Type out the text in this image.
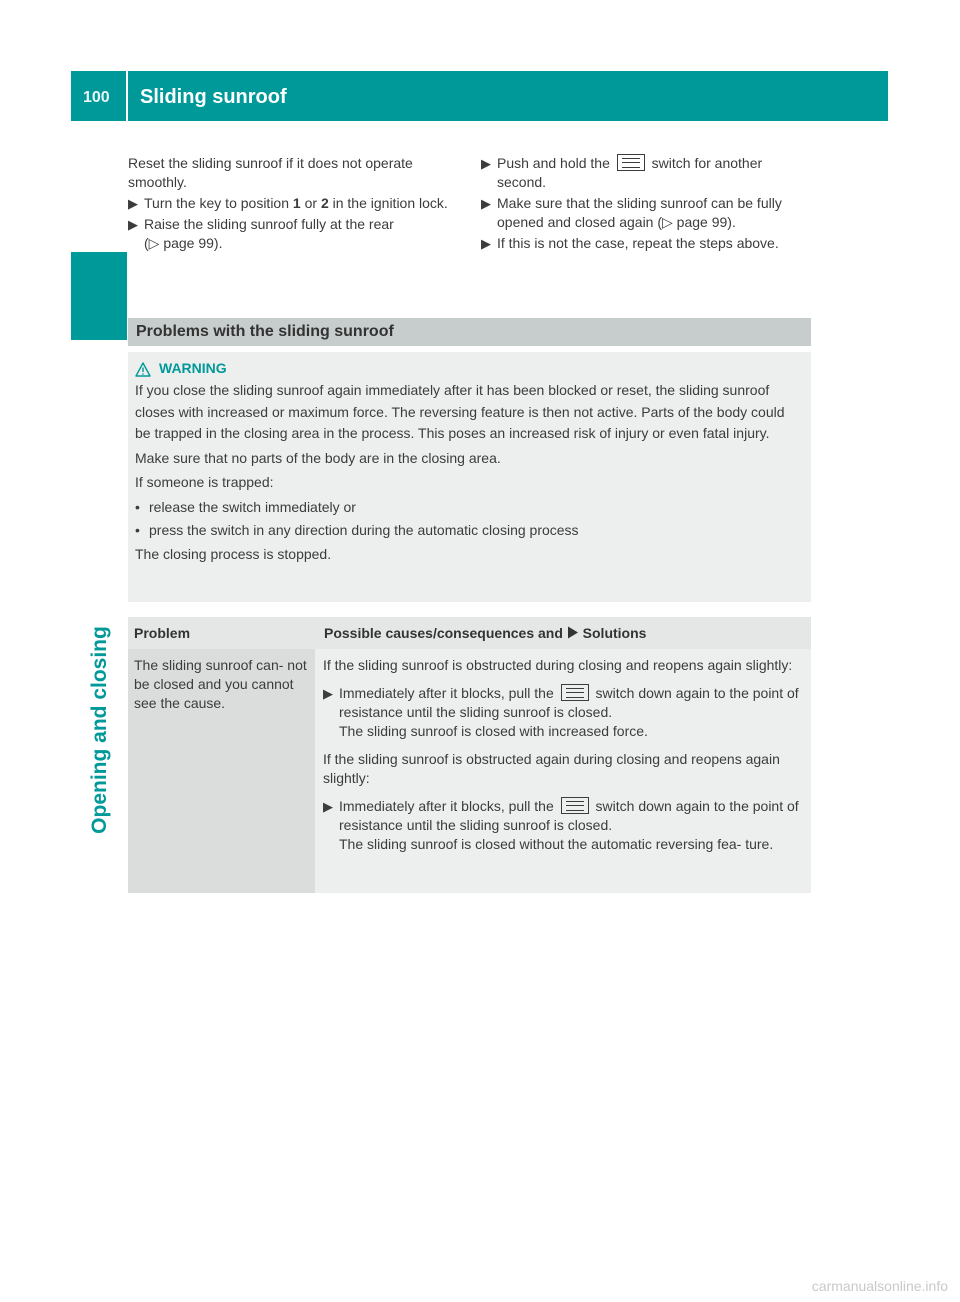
100 Sliding sunroof
Opening and closing

Reset the sliding sunroof if it does not operate smoothly.

▶ Turn the key to position 1 or 2 in the ignition lock.
▶ Raise the sliding sunroof fully at the rear
(▷ page 99).
▶ Push and hold the	switch for another second.
▶ Make sure that the sliding sunroof can be fully opened and closed again (▷ page 99).
▶ If this is not the case, repeat the steps above.
Problems with the sliding sunroof
WARNING

If you close the sliding sunroof again immediately after it has been blocked or reset, the sliding sunroof closes with increased or maximum force. The reversing feature is then not active. Parts of the body could be trapped in the closing area in the process. This poses an increased risk of injury or even fatal injury.

Make sure that no parts of the body are in the closing area.

If someone is trapped:

• release the switch immediately or
• press the switch in any direction during the automatic closing process

The closing process is stopped.

Problem	Possible causes/consequences and Solutions
The sliding sunroof can- not be closed and you cannot see the cause.

If the sliding sunroof is obstructed during closing and reopens again slightly:

▶ Immediately after it blocks, pull the	switch down again to the point of resistance until the sliding sunroof is closed.
The sliding sunroof is closed with increased force.

If the sliding sunroof is obstructed again during closing and reopens again slightly:

▶ Immediately after it blocks, pull the	switch down again to the point of resistance until the sliding sunroof is closed.
The sliding sunroof is closed without the automatic reversing fea- ture.
carmanualsonline.info
